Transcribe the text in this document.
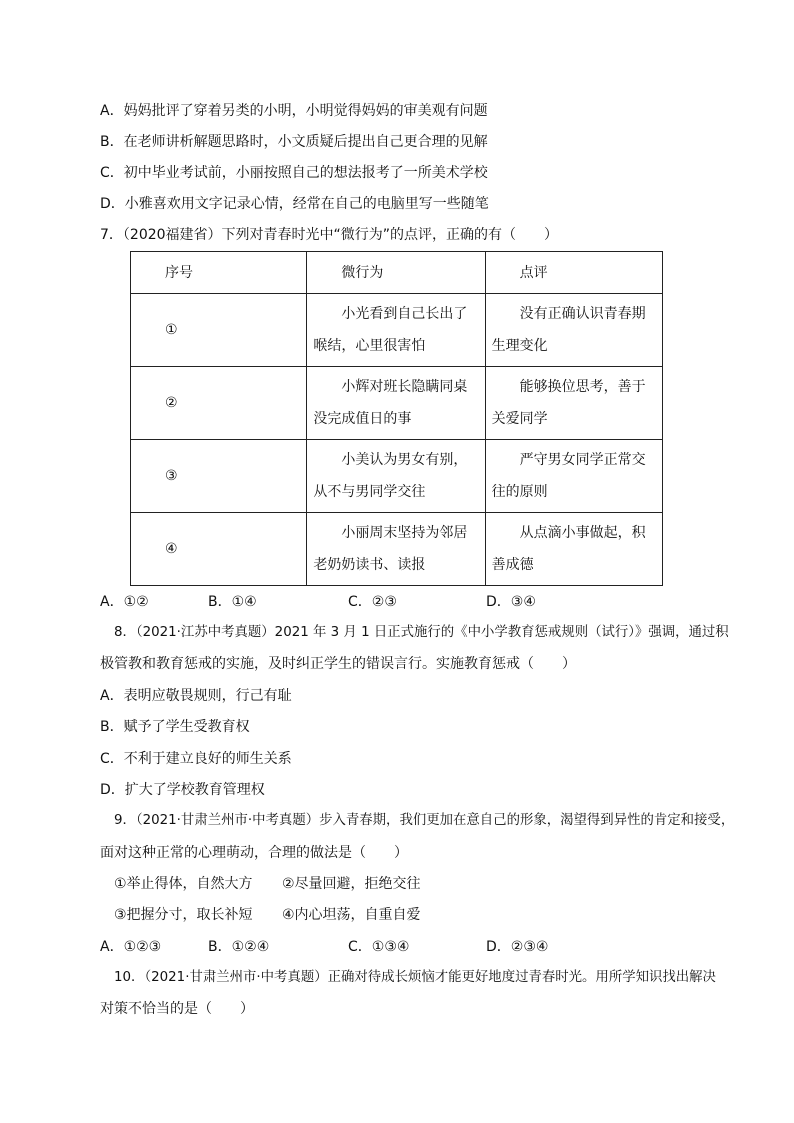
A．妈妈批评了穿着另类的小明，小明觉得妈妈的审美观有问题
B．在老师讲析解题思路时，小文质疑后提出自己更合理的见解
C．初中毕业考试前，小丽按照自己的想法报考了一所美术学校
D．小雅喜欢用文字记录心情，经常在自己的电脑里写一些随笔
7．（2020福建省）下列对青春时光中“微行为”的点评，正确的有（　　）
序号	微行为	点评
①	小光看到自己长出了喉结，心里很害怕	没有正确认识青春期生理变化
②	小辉对班长隐瞒同桌没完成值日的事	能够换位思考，善于关爱同学
③	小美认为男女有别，从不与男同学交往	严守男女同学正常交往的原则
④	小丽周末坚持为邻居老奶奶读书、读报	从点滴小事做起，积善成德
A．①②	B．①④	C．②③	D．③④
8．（2021·江苏中考真题）2021 年 3 月 1 日正式施行的《中小学教育惩戒规则（试行）》强调，通过积
极管教和教育惩戒的实施，及时纠正学生的错误言行。实施教育惩戒（　　）
A．表明应敬畏规则，行己有耻
B．赋予了学生受教育权
C．不利于建立良好的师生关系
D．扩大了学校教育管理权
9．（2021·甘肃兰州市·中考真题）步入青春期，我们更加在意自己的形象，渴望得到异性的肯定和接受，
面对这种正常的心理萌动，合理的做法是（　　）
①举止得体，自然大方 ②尽量回避，拒绝交往
③把握分寸，取长补短 ④内心坦荡，自重自爱
A．①②③	B．①②④	C．①③④	D．②③④
10．（2021·甘肃兰州市·中考真题）正确对待成长烦恼才能更好地度过青春时光。用所学知识找出解决
对策不恰当的是（　　）
